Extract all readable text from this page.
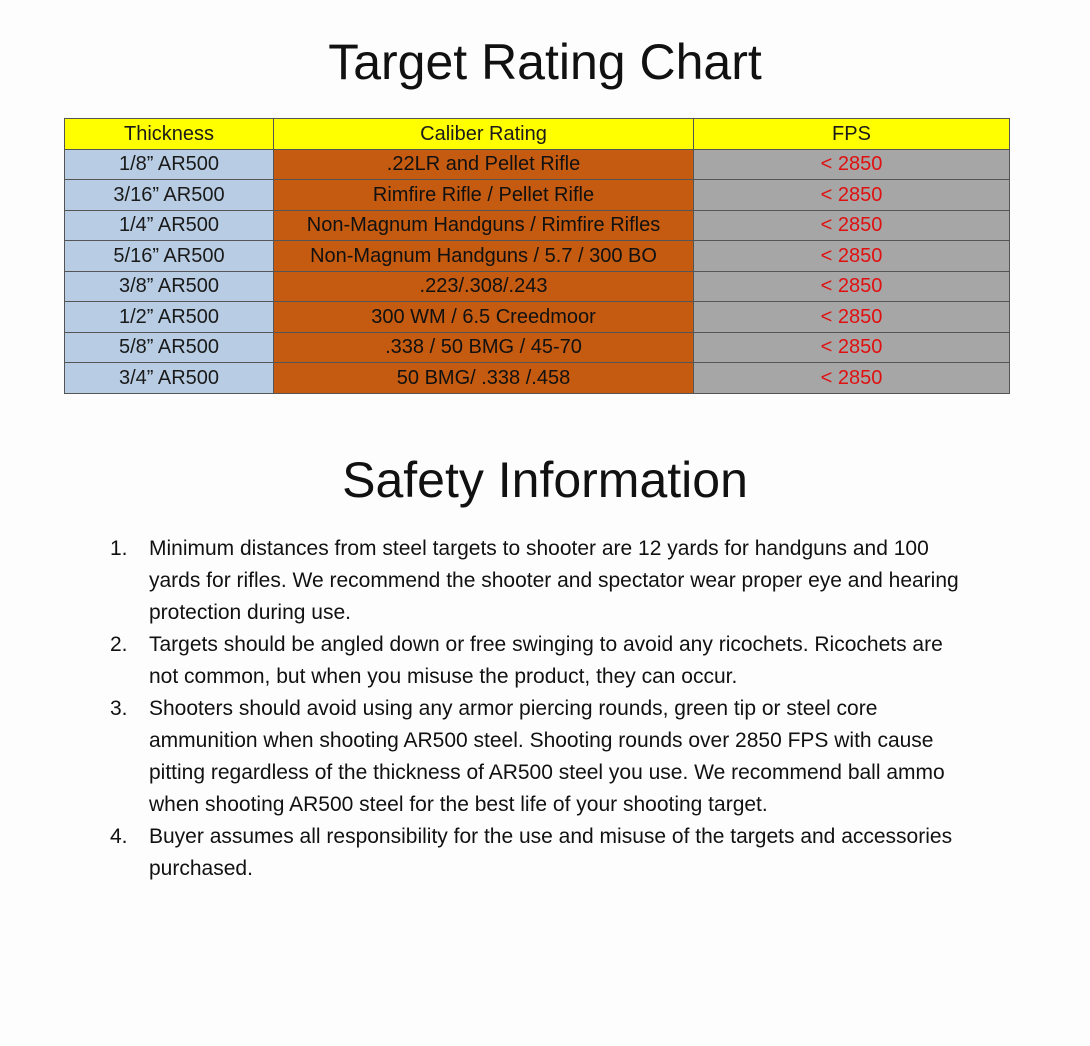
Target Rating Chart
Thickness	Caliber Rating	FPS
1/8” AR500	.22LR and Pellet Rifle	< 2850
3/16” AR500	Rimfire Rifle / Pellet Rifle	< 2850
1/4” AR500	Non-Magnum Handguns / Rimfire Rifles	< 2850
5/16” AR500	Non-Magnum Handguns / 5.7 / 300 BO	< 2850
3/8” AR500	.223/.308/.243	< 2850
1/2” AR500	300 WM / 6.5 Creedmoor	< 2850
5/8” AR500	.338 / 50 BMG / 45-70	< 2850
3/4” AR500	50 BMG/ .338 /.458	< 2850
Safety Information
1. Minimum distances from steel targets to shooter are 12 yards for handguns and 100
yards for rifles. We recommend the shooter and spectator wear proper eye and hearing
protection during use.
2. Targets should be angled down or free swinging to avoid any ricochets. Ricochets are
not common, but when you misuse the product, they can occur.
3. Shooters should avoid using any armor piercing rounds, green tip or steel core
ammunition when shooting AR500 steel. Shooting rounds over 2850 FPS with cause
pitting regardless of the thickness of AR500 steel you use. We recommend ball ammo
when shooting AR500 steel for the best life of your shooting target.
4. Buyer assumes all responsibility for the use and misuse of the targets and accessories
purchased.
